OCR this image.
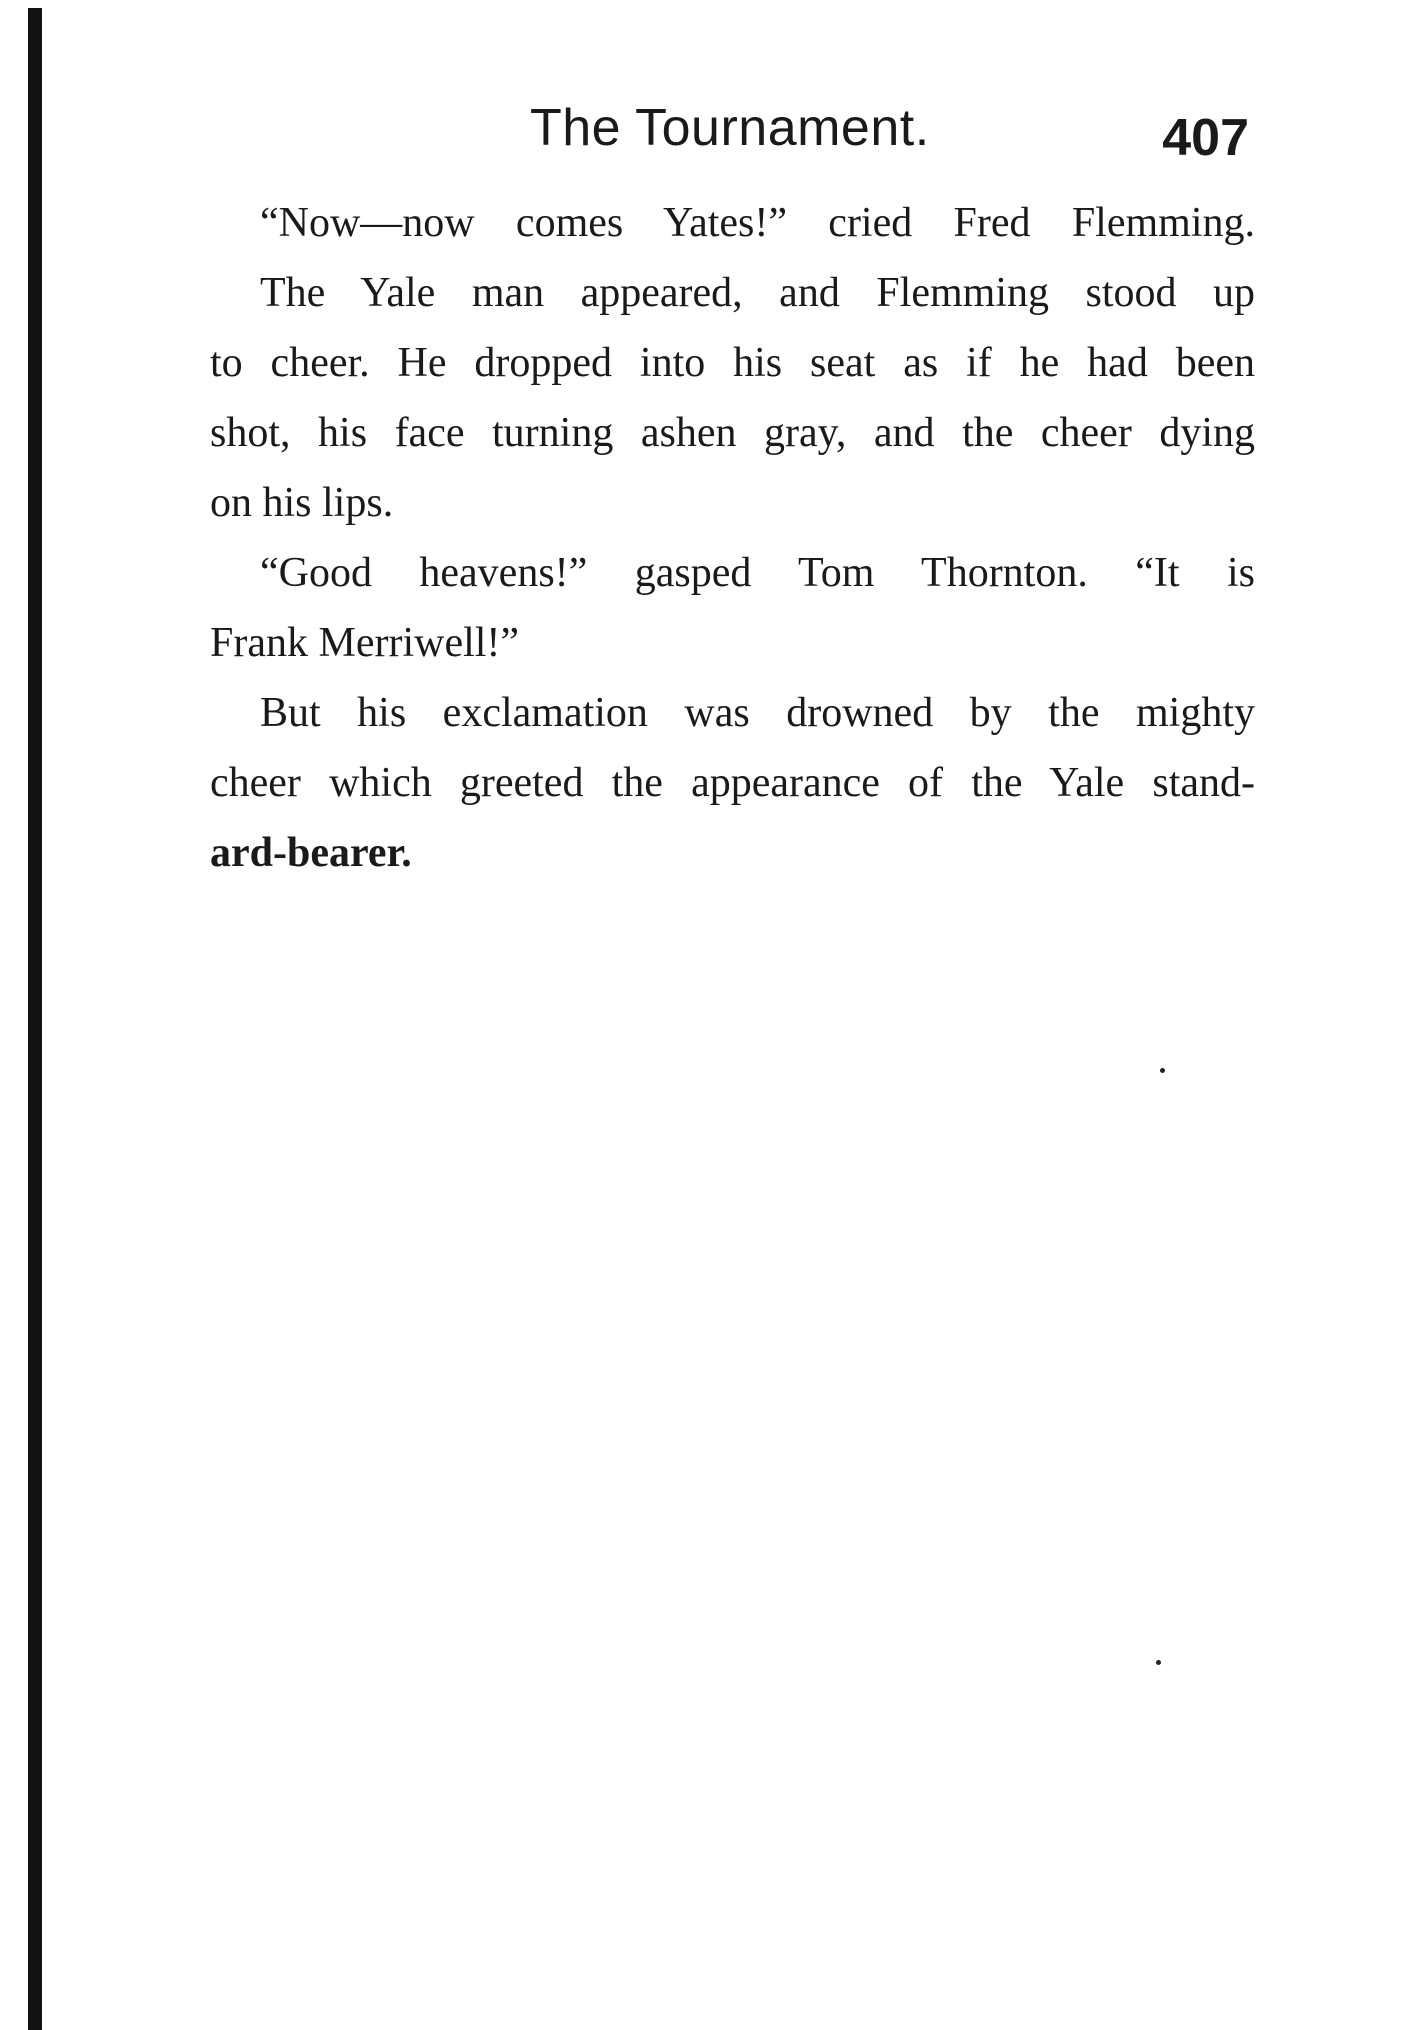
The Tournament.	407
“Now—now comes Yates!” cried Fred Flemming.
The Yale man appeared, and Flemming stood up
to cheer. He dropped into his seat as if he had been
shot, his face turning ashen gray, and the cheer dying
on his lips.
“Good heavens!” gasped Tom Thornton. “It is
Frank Merriwell!”
But his exclamation was drowned by the mighty
cheer which greeted the appearance of the Yale stand-
ard-bearer.
